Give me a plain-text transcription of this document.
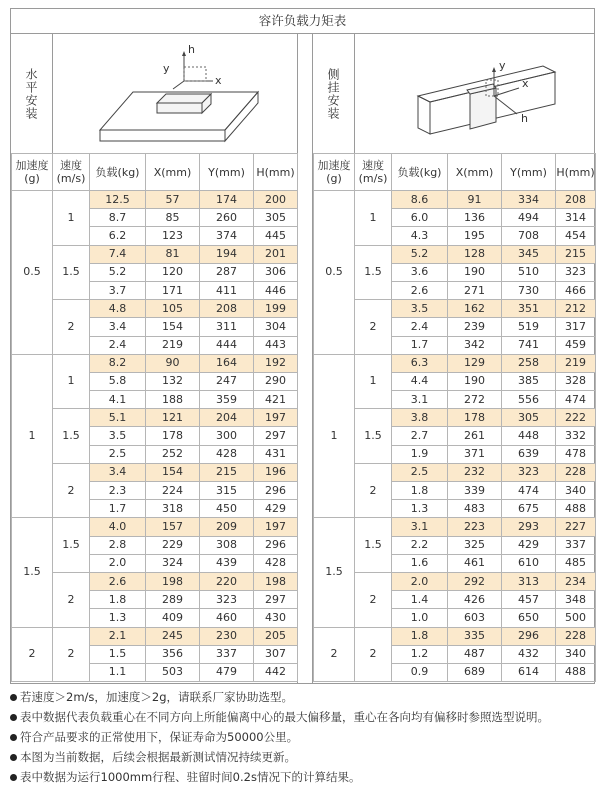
容许负载力矩表
水平安装
h
y
x
加速度
(g)	速度
(m/s)	负载(kg)	X(mm)	Y(mm)	H(mm)
0.5	1	12.5	57	174	200
		8.7	85	260	305
		6.2	123	374	445
	1.5	7.4	81	194	201
		5.2	120	287	306
		3.7	171	411	446
	2	4.8	105	208	199
		3.4	154	311	304
		2.4	219	444	443
1	1	8.2	90	164	192
		5.8	132	247	290
		4.1	188	359	421
	1.5	5.1	121	204	197
		3.5	178	300	297
		2.5	252	428	431
	2	3.4	154	215	196
		2.3	224	315	296
		1.7	318	450	429
1.5	1.5	4.0	157	209	197
		2.8	229	308	296
		2.0	324	439	428
	2	2.6	198	220	198
		1.8	289	323	297
		1.3	409	460	430
2	2	2.1	245	230	205
		1.5	356	337	307
		1.1	503	479	442
侧挂安装
y
x
h
加速度
(g)	速度
(m/s)	负载(kg)	X(mm)	Y(mm)	H(mm)
0.5	1	8.6	91	334	208
		6.0	136	494	314
		4.3	195	708	454
	1.5	5.2	128	345	215
		3.6	190	510	323
		2.6	271	730	466
	2	3.5	162	351	212
		2.4	239	519	317
		1.7	342	741	459
1	1	6.3	129	258	219
		4.4	190	385	328
		3.1	272	556	474
	1.5	3.8	178	305	222
		2.7	261	448	332
		1.9	371	639	478
	2	2.5	232	323	228
		1.8	339	474	340
		1.3	483	675	488
1.5	1.5	3.1	223	293	227
		2.2	325	429	337
		1.6	461	610	485
	2	2.0	292	313	234
		1.4	426	457	348
		1.0	603	650	500
2	2	1.8	335	296	228
		1.2	487	432	340
		0.9	689	614	488
若速度＞2m/s，加速度＞2g，请联系厂家协助选型。
表中数据代表负载重心在不同方向上所能偏离中心的最大偏移量，重心在各向均有偏移时参照选型说明。
符合产品要求的正常使用下，保证寿命为50000公里。
本图为当前数据，后续会根据最新测试情况持续更新。
表中数据为运行1000mm行程、驻留时间0.2s情况下的计算结果。
